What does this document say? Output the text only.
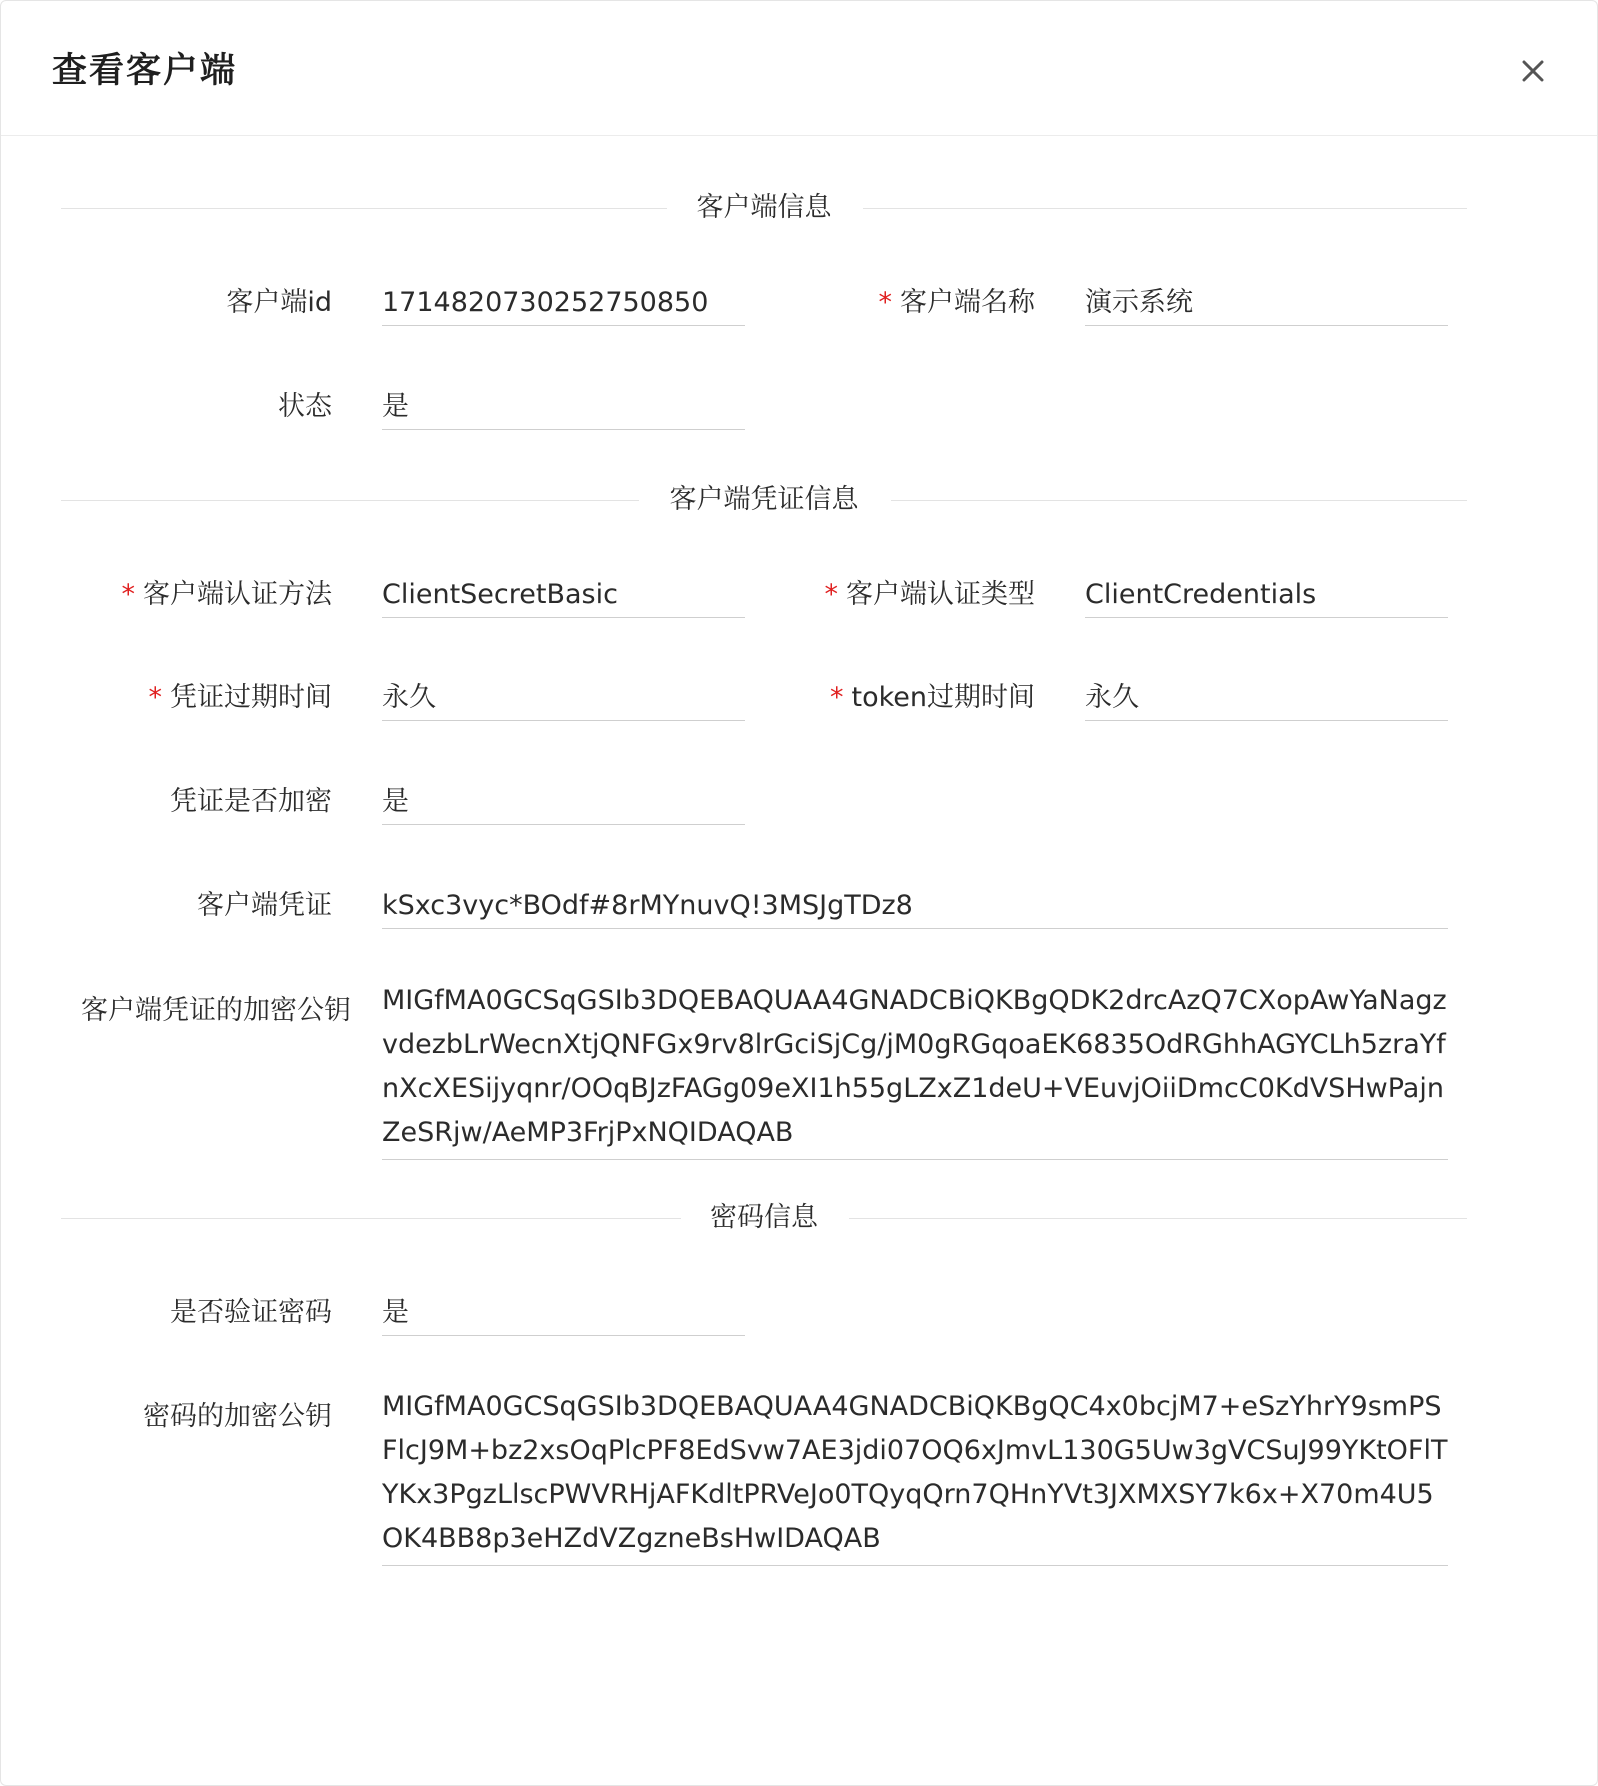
查看客户端
客户端信息
客户端id 1714820730252750850	* 客户端名称 演示系统
状态 是
客户端凭证信息
* 客户端认证方法 ClientSecretBasic	* 客户端认证类型 ClientCredentials
* 凭证过期时间 永久	* token过期时间 永久
凭证是否加密 是
客户端凭证 kSxc3vyc*BOdf#8rMYnuvQ!3MSJgTDz8
客户端凭证的加密公钥 MIGfMA0GCSqGSIb3DQEBAQUAA4GNADCBiQKBgQDK2drcAzQ7CXopAwYaNagzvdezbLrWecnXtjQNFGx9rv8lrGciSjCg/jM0gRGqoaEK6835OdRGhhAGYCLh5zraYfnXcXESijyqnr/OOqBJzFAGg09eXI1h55gLZxZ1deU+VEuvjOiiDmcC0KdVSHwPajnZeSRjw/AeMP3FrjPxNQIDAQAB
密码信息
是否验证密码 是
密码的加密公钥 MIGfMA0GCSqGSIb3DQEBAQUAA4GNADCBiQKBgQC4x0bcjM7+eSzYhrY9smPSFlcJ9M+bz2xsOqPlcPF8EdSvw7AE3jdi07OQ6xJmvL130G5Uw3gVCSuJ99YKtOFlTYKx3PgzLlscPWVRHjAFKdltPRVeJo0TQyqQrn7QHnYVt3JXMXSY7k6x+X70m4U5OK4BB8p3eHZdVZgzneBsHwIDAQAB
